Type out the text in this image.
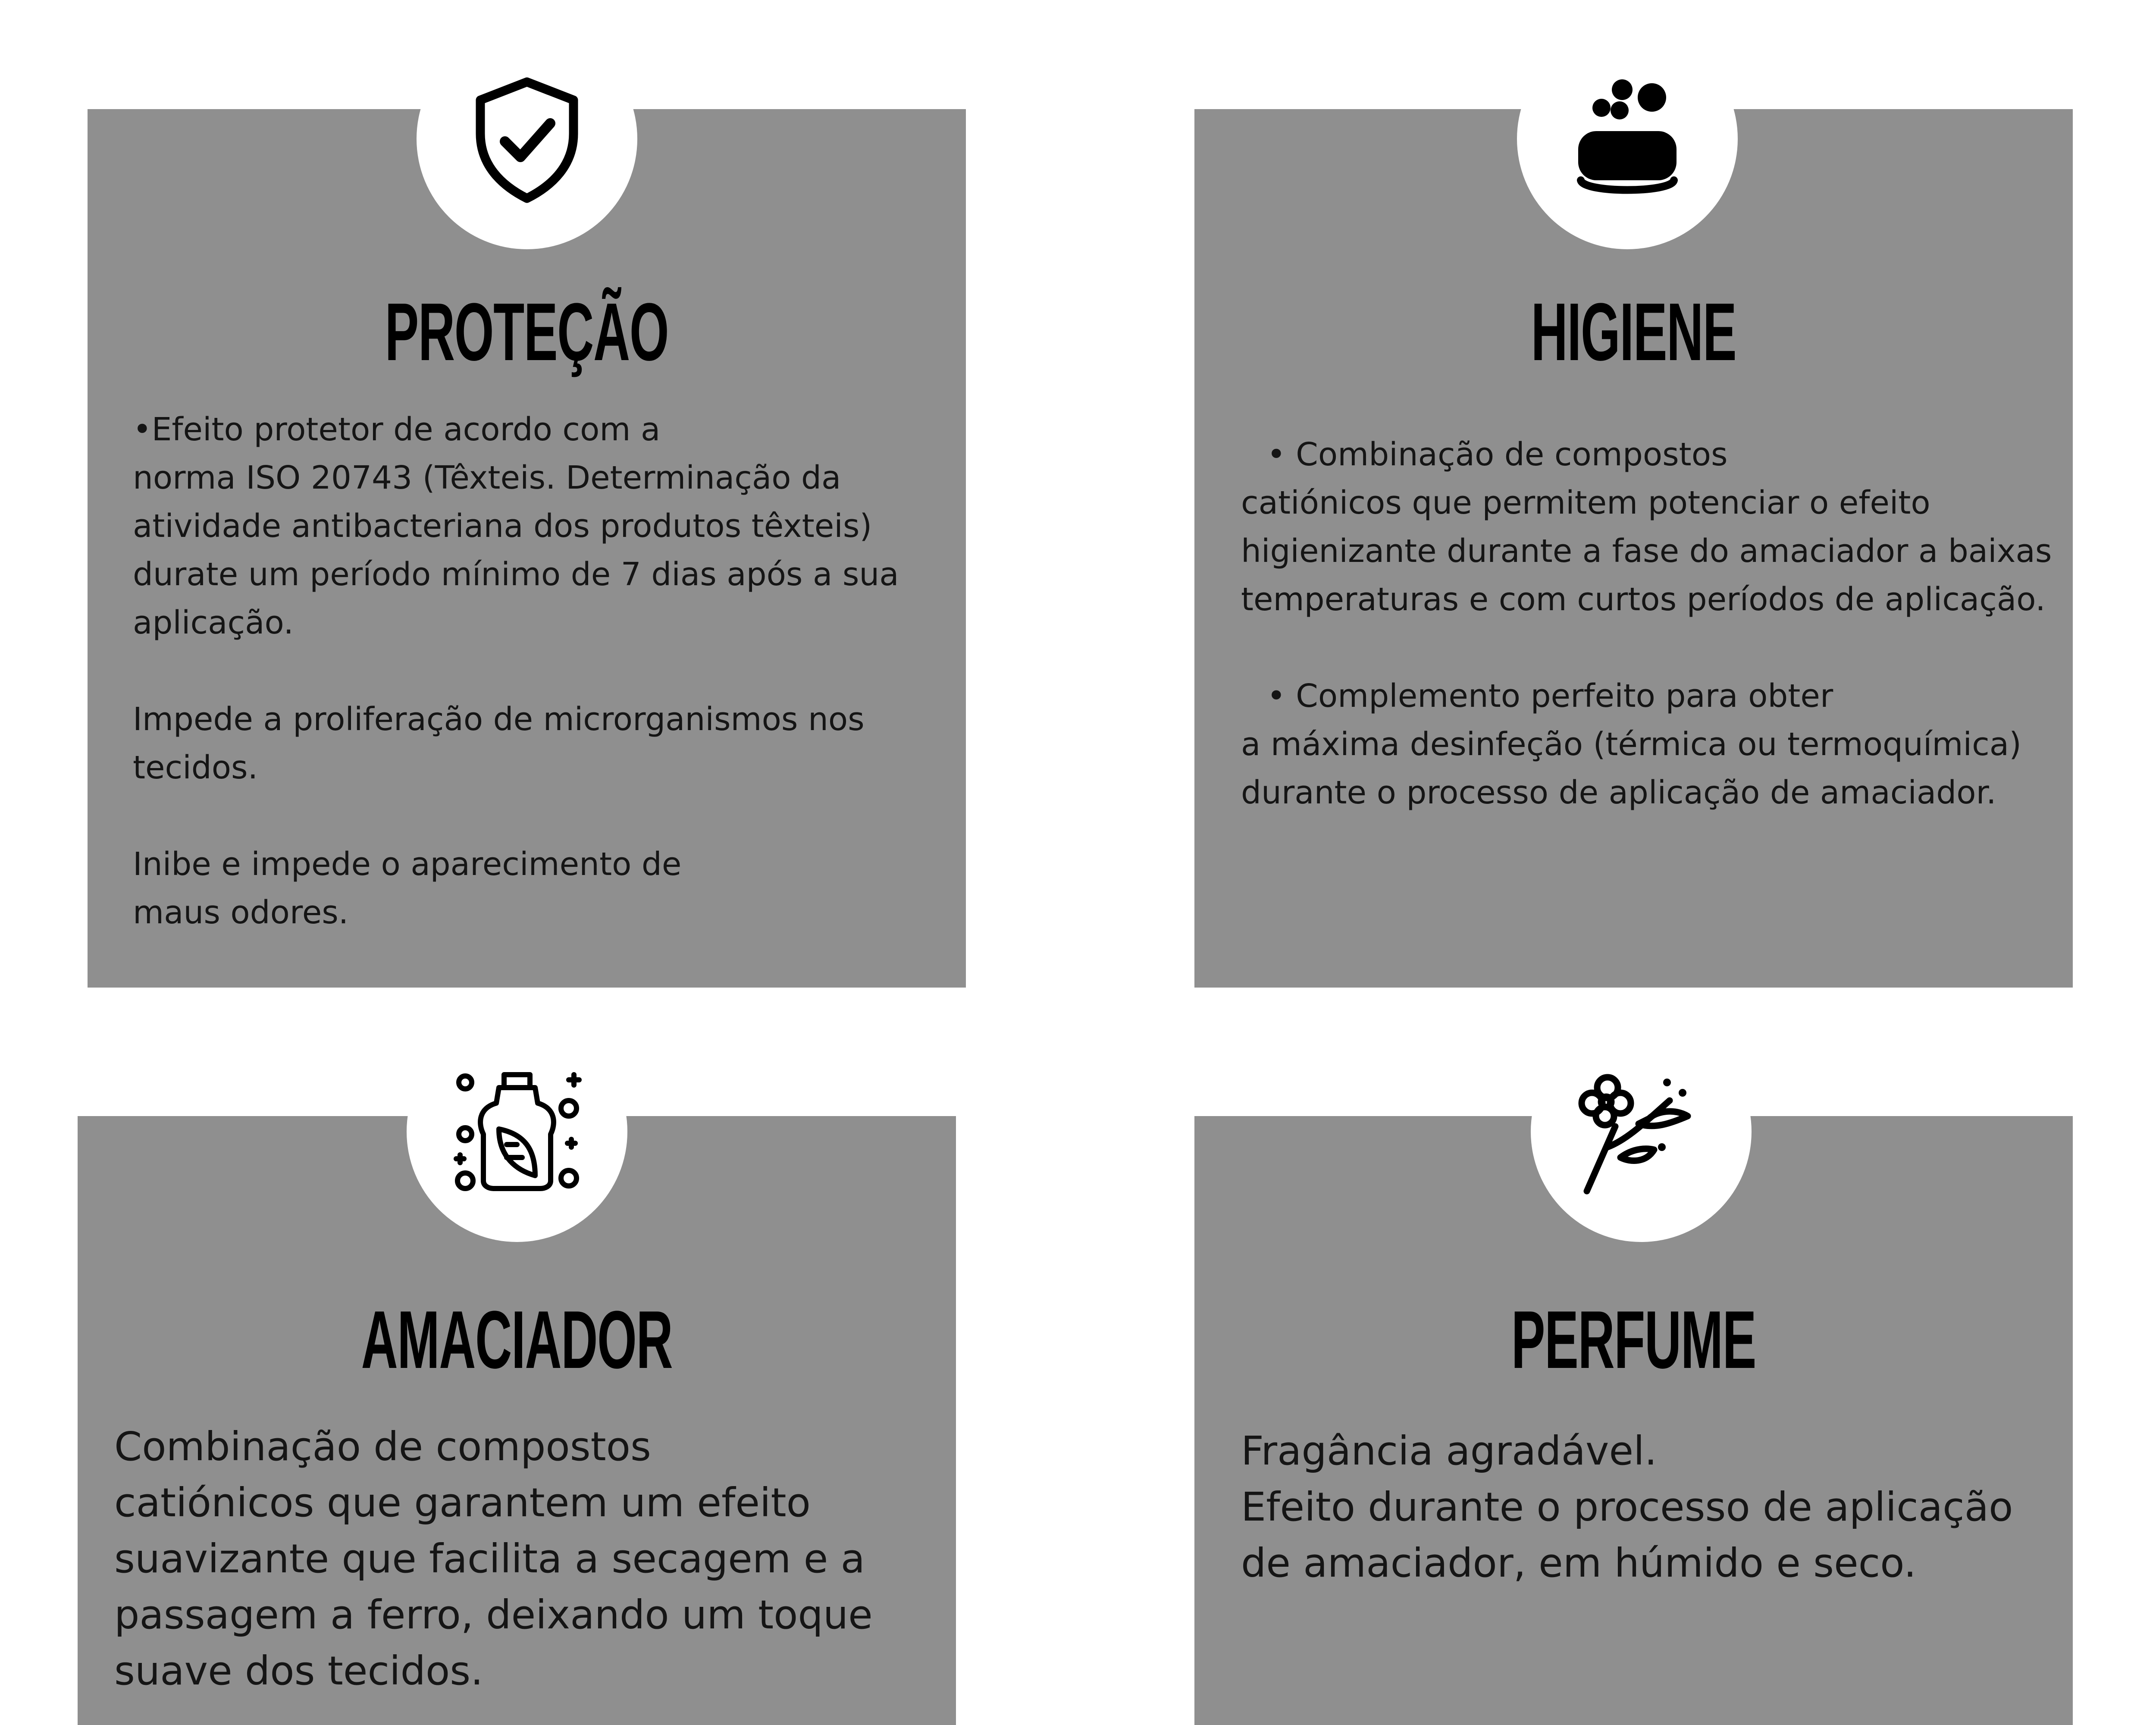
PROTEÇÃO

•Efeito protetor de acordo com a

norma ISO 20743 (Têxteis. Determinação da atividade antibacteriana dos produtos têxteis) durate um período mínimo de 7 dias após a sua aplicação.

Impede a proliferação de microrganismos nos tecidos.

Inibe e impede o aparecimento de

maus odores.

HIGIENE

• Combinação de compostos

catiónicos que permitem potenciar o efeito higienizante durante a fase do amaciador a baixas temperaturas e com curtos períodos de aplicação.

• Complemento perfeito para obter

a máxima desinfeção (térmica ou termoquímica) durante o processo de aplicação de amaciador.

AMACIADOR

Combinação de compostos

catiónicos que garantem um efeito suavizante que facilita a secagem e a passagem a ferro, deixando um toque suave dos tecidos.

PERFUME

Fragância agradável.

Efeito durante o processo de aplicação de amaciador, em húmido e seco.
